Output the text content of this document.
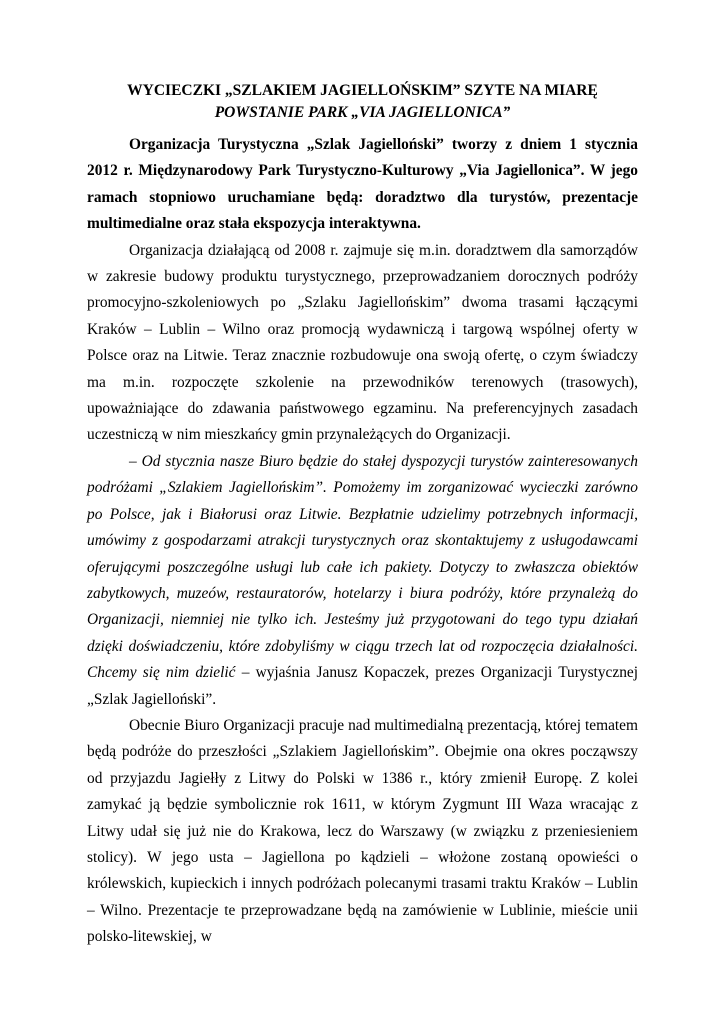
WYCIECZKI „SZLAKIEM JAGIELLOŃSKIM” SZYTE NA MIARĘ
POWSTANIE PARK „VIA JAGIELLONICA”

Organizacja Turystyczna „Szlak Jagielloński” tworzy z dniem 1 stycznia 2012 r. Międzynarodowy Park Turystyczno-Kulturowy „Via Jagiellonica”. W jego ramach stopniowo uruchamiane będą: doradztwo dla turystów, prezentacje multimedialne oraz stała ekspozycja interaktywna.

Organizacja działającą od 2008 r. zajmuje się m.in. doradztwem dla samorządów w zakresie budowy produktu turystycznego, przeprowadzaniem dorocznych podróży promocyjno-szkoleniowych po „Szlaku Jagiellońskim” dwoma trasami łączącymi Kraków – Lublin – Wilno oraz promocją wydawniczą i targową wspólnej oferty w Polsce oraz na Litwie. Teraz znacznie rozbudowuje ona swoją ofertę, o czym świadczy ma m.in. rozpoczęte szkolenie na przewodników terenowych (trasowych), upoważniające do zdawania państwowego egzaminu. Na preferencyjnych zasadach uczestniczą w nim mieszkańcy gmin przynależących do Organizacji.

– Od stycznia nasze Biuro będzie do stałej dyspozycji turystów zainteresowanych podróżami „Szlakiem Jagiellońskim”. Pomożemy im zorganizować wycieczki zarówno po Polsce, jak i Białorusi oraz Litwie. Bezpłatnie udzielimy potrzebnych informacji, umówimy z gospodarzami atrakcji turystycznych oraz skontaktujemy z usługodawcami oferującymi poszczególne usługi lub całe ich pakiety. Dotyczy to zwłaszcza obiektów zabytkowych, muzeów, restauratorów, hotelarzy i biura podróży, które przynależą do Organizacji, niemniej nie tylko ich. Jesteśmy już przygotowani do tego typu działań dzięki doświadczeniu, które zdobyliśmy w ciągu trzech lat od rozpoczęcia działalności. Chcemy się nim dzielić – wyjaśnia Janusz Kopaczek, prezes Organizacji Turystycznej „Szlak Jagielloński”.

Obecnie Biuro Organizacji pracuje nad multimedialną prezentacją, której tematem będą podróże do przeszłości „Szlakiem Jagiellońskim”. Obejmie ona okres począwszy od przyjazdu Jagiełły z Litwy do Polski w 1386 r., który zmienił Europę. Z kolei zamykać ją będzie symbolicznie rok 1611, w którym Zygmunt III Waza wracając z Litwy udał się już nie do Krakowa, lecz do Warszawy (w związku z przeniesieniem stolicy). W jego usta – Jagiellona po kądzieli – włożone zostaną opowieści o królewskich, kupieckich i innych podróżach polecanymi trasami traktu Kraków – Lublin – Wilno. Prezentacje te przeprowadzane będą na zamówienie w Lublinie, mieście unii polsko-litewskiej, w
